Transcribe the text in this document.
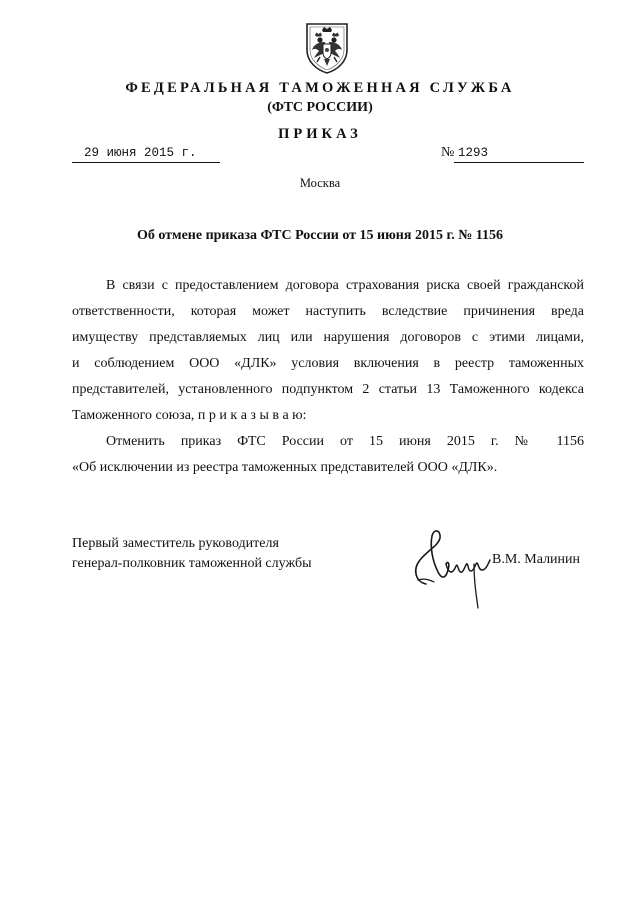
ФЕДЕРАЛЬНАЯ ТАМОЖЕННАЯ СЛУЖБА
(ФТС РОССИИ)
ПРИКАЗ
29 июня 2015 г.	№ 1293
Москва
Об отмене приказа ФТС России от 15 июня 2015 г. № 1156
В связи с предоставлением договора страхования риска своей гражданской
ответственности, которая может наступить вследствие причинения вреда
имуществу представляемых лиц или нарушения договоров с этими лицами,
и соблюдением ООО «ДЛК» условия включения в реестр таможенных
представителей, установленного подпунктом 2 статьи 13 Таможенного кодекса
Таможенного союза, п р и к а з ы в а ю:
Отменить приказ ФТС России от 15 июня 2015 г. № 1156
«Об исключении из реестра таможенных представителей ООО «ДЛК».
Первый заместитель руководителя
генерал-полковник таможенной службы	В.М. Малинин
